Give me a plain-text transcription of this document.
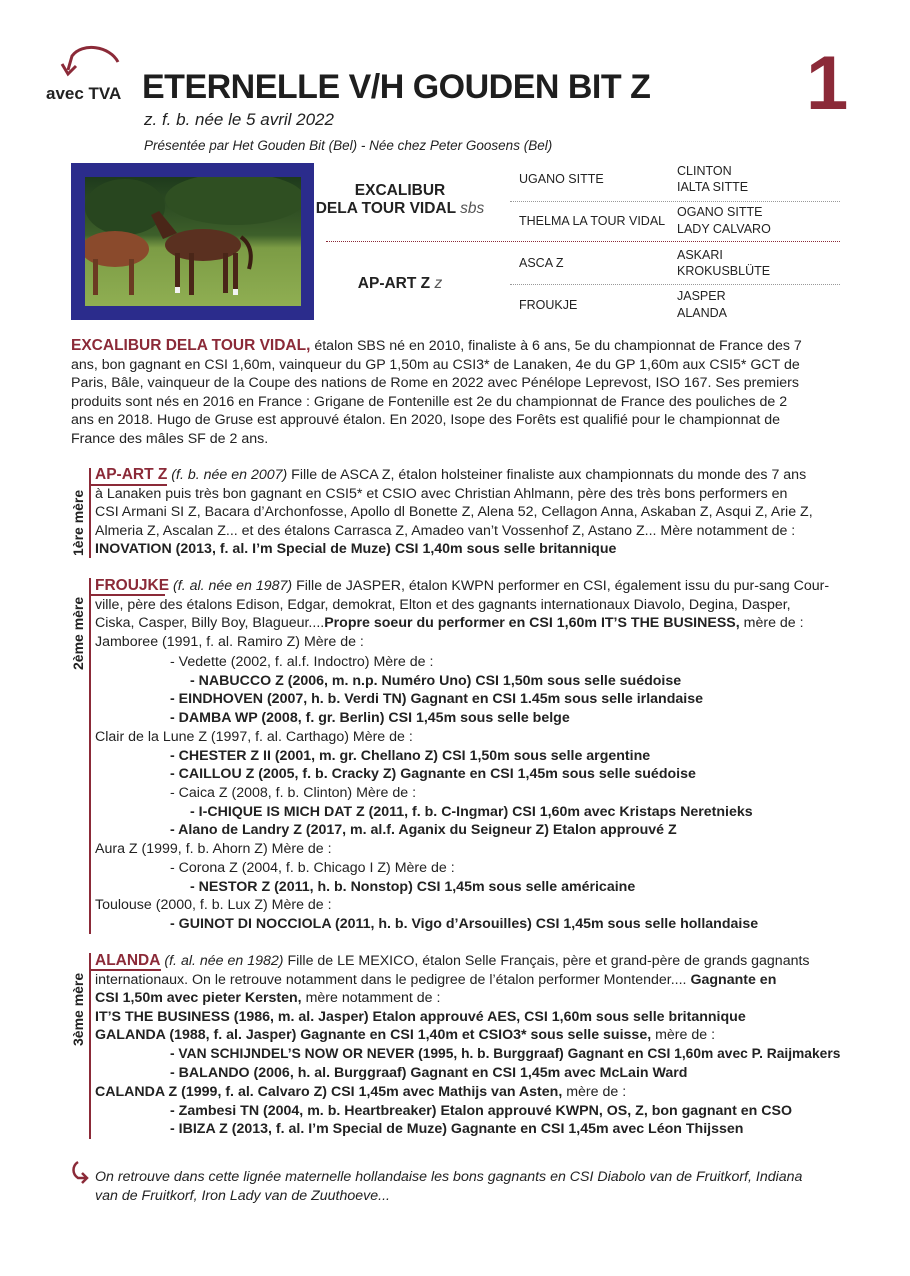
avec TVA ETERNELLE V/H GOUDEN BIT Z 1
z. f. b. née le 5 avril 2022
Présentée par Het Gouden Bit (Bel) - Née chez Peter Goosens (Bel)
EXCALIBUR
DELA TOUR VIDAL sbs
AP-ART Z z
UGANO SITTE
THELMA LA TOUR VIDAL
ASCA Z
FROUKJE
CLINTON
IALTA SITTE
OGANO SITTE
LADY CALVARO
ASKARI
KROKUSBLÜTE
JASPER
ALANDA
EXCALIBUR DELA TOUR VIDAL, étalon SBS né en 2010, finaliste à 6 ans, 5e du championnat de France des 7
ans, bon gagnant en CSI 1,60m, vainqueur du GP 1,50m au CSI3* de Lanaken, 4e du GP 1,60m aux CSI5* GCT de
Paris, Bâle, vainqueur de la Coupe des nations de Rome en 2022 avec Pénélope Leprevost, ISO 167. Ses premiers
produits sont nés en 2016 en France : Grigane de Fontenille est 2e du championnat de France des pouliches de 2
ans en 2018. Hugo de Gruse est approuvé étalon. En 2020, Isope des Forêts est qualifié pour le championnat de
France des mâles SF de 2 ans.
1ère mère
AP-ART Z (f. b. née en 2007) Fille de ASCA Z, étalon holsteiner finaliste aux championnats du monde des 7 ans
à Lanaken puis très bon gagnant en CSI5* et CSIO avec Christian Ahlmann, père des très bons performers en
CSI Armani SI Z, Bacara d’Archonfosse, Apollo dl Bonette Z, Alena 52, Cellagon Anna, Askaban Z, Asqui Z, Arie Z,
Almeria Z, Ascalan Z... et des étalons Carrasca Z, Amadeo van’t Vossenhof Z, Astano Z... Mère notamment de :
INOVATION (2013, f. al. I’m Special de Muze) CSI 1,40m sous selle britannique
2ème mère
FROUJKE (f. al. née en 1987) Fille de JASPER, étalon KWPN performer en CSI, également issu du pur-sang Cour-
ville, père des étalons Edison, Edgar, demokrat, Elton et des gagnants internationaux Diavolo, Degina, Dasper,
Ciska, Casper, Billy Boy, Blagueur....Propre soeur du performer en CSI 1,60m IT’S THE BUSINESS, mère de :
Jamboree (1991, f. al. Ramiro Z) Mère de :
- Vedette (2002, f. al.f. Indoctro) Mère de :
- NABUCCO Z (2006, m. n.p. Numéro Uno) CSI 1,50m sous selle suédoise
- EINDHOVEN (2007, h. b. Verdi TN) Gagnant en CSI 1.45m sous selle irlandaise
- DAMBA WP (2008, f. gr. Berlin) CSI 1,45m sous selle belge
Clair de la Lune Z (1997, f. al. Carthago) Mère de :
- CHESTER Z II (2001, m. gr. Chellano Z) CSI 1,50m sous selle argentine
- CAILLOU Z (2005, f. b. Cracky Z) Gagnante en CSI 1,45m sous selle suédoise
- Caica Z (2008, f. b. Clinton) Mère de :
- I-CHIQUE IS MICH DAT Z (2011, f. b. C-Ingmar) CSI 1,60m avec Kristaps Neretnieks
- Alano de Landry Z (2017, m. al.f. Aganix du Seigneur Z) Etalon approuvé Z
Aura Z (1999, f. b. Ahorn Z) Mère de :
- Corona Z (2004, f. b. Chicago I Z) Mère de :
- NESTOR Z (2011, h. b. Nonstop) CSI 1,45m sous selle américaine
Toulouse (2000, f. b. Lux Z) Mère de :
- GUINOT DI NOCCIOLA (2011, h. b. Vigo d’Arsouilles) CSI 1,45m sous selle hollandaise
3ème mère
ALANDA (f. al. née en 1982) Fille de LE MEXICO, étalon Selle Français, père et grand-père de grands gagnants
internationaux. On le retrouve notamment dans le pedigree de l’étalon performer Montender.... Gagnante en
CSI 1,50m avec pieter Kersten, mère notamment de :
IT’S THE BUSINESS (1986, m. al. Jasper) Etalon approuvé AES, CSI 1,60m sous selle britannique
GALANDA (1988, f. al. Jasper) Gagnante en CSI 1,40m et CSIO3* sous selle suisse, mère de :
- VAN SCHIJNDEL’S NOW OR NEVER (1995, h. b. Burggraaf) Gagnant en CSI 1,60m avec P. Raijmakers
- BALANDO (2006, h. al. Burggraaf) Gagnant en CSI 1,45m avec McLain Ward
CALANDA Z (1999, f. al. Calvaro Z) CSI 1,45m avec Mathijs van Asten, mère de :
- Zambesi TN (2004, m. b. Heartbreaker) Etalon approuvé KWPN, OS, Z, bon gagnant en CSO
- IBIZA Z (2013, f. al. I’m Special de Muze) Gagnante en CSI 1,45m avec Léon Thijssen
On retrouve dans cette lignée maternelle hollandaise les bons gagnants en CSI Diabolo van de Fruitkorf, Indiana
van de Fruitkorf, Iron Lady van de Zuuthoeve...
